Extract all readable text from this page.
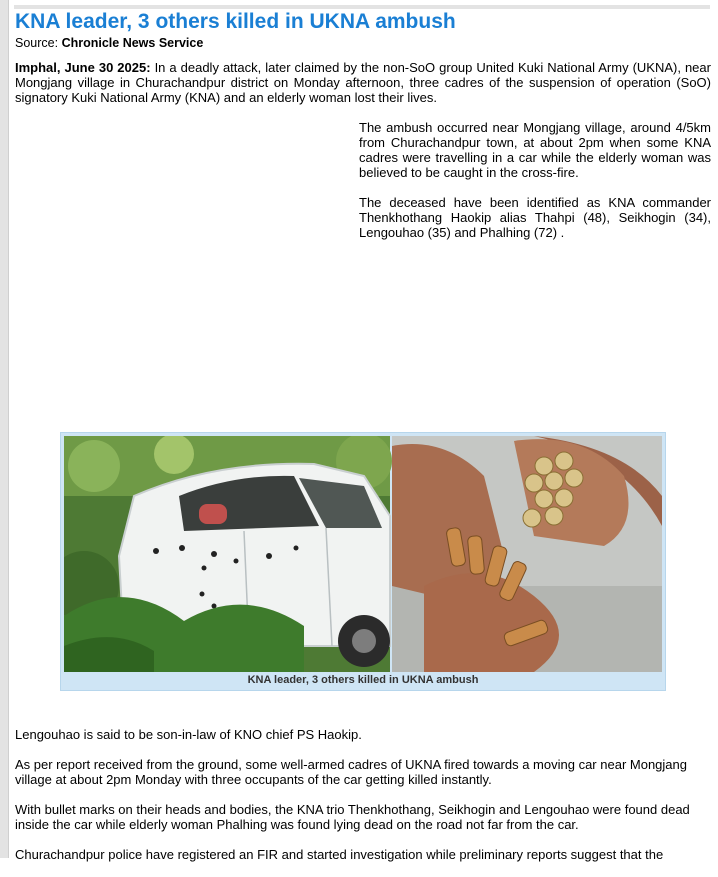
KNA leader, 3 others killed in UKNA ambush
Source: Chronicle News Service

Imphal, June 30 2025: In a deadly attack, later claimed by the non-SoO group United Kuki National Army (UKNA), near Mongjang village in Churachandpur district on Monday afternoon, three cadres of the suspension of operation (SoO) signatory Kuki National Army (KNA) and an elderly woman lost their lives.

The ambush occurred near Mongjang village, around 4/5km from Churachandpur town, at about 2pm when some KNA cadres were travelling in a car while the elderly woman was believed to be caught in the cross-fire.

The deceased have been identified as KNA commander Thenkhothang Haokip alias Thahpi (48), Seikhogin (34), Lengouhao (35) and Phalhing (72) .

KNA leader, 3 others killed in UKNA ambush

Lengouhao is said to be son-in-law of KNO chief PS Haokip.

As per report received from the ground, some well-armed cadres of UKNA fired towards a moving car near Mongjang village at about 2pm Monday with three occupants of the car getting killed instantly.

With bullet marks on their heads and bodies, the KNA trio Thenkhothang, Seikhogin and Lengouhao were found dead inside the car while elderly woman Phalhing was found lying dead on the road not far from the car.

Churachandpur police have registered an FIR and started investigation while preliminary reports suggest that the
